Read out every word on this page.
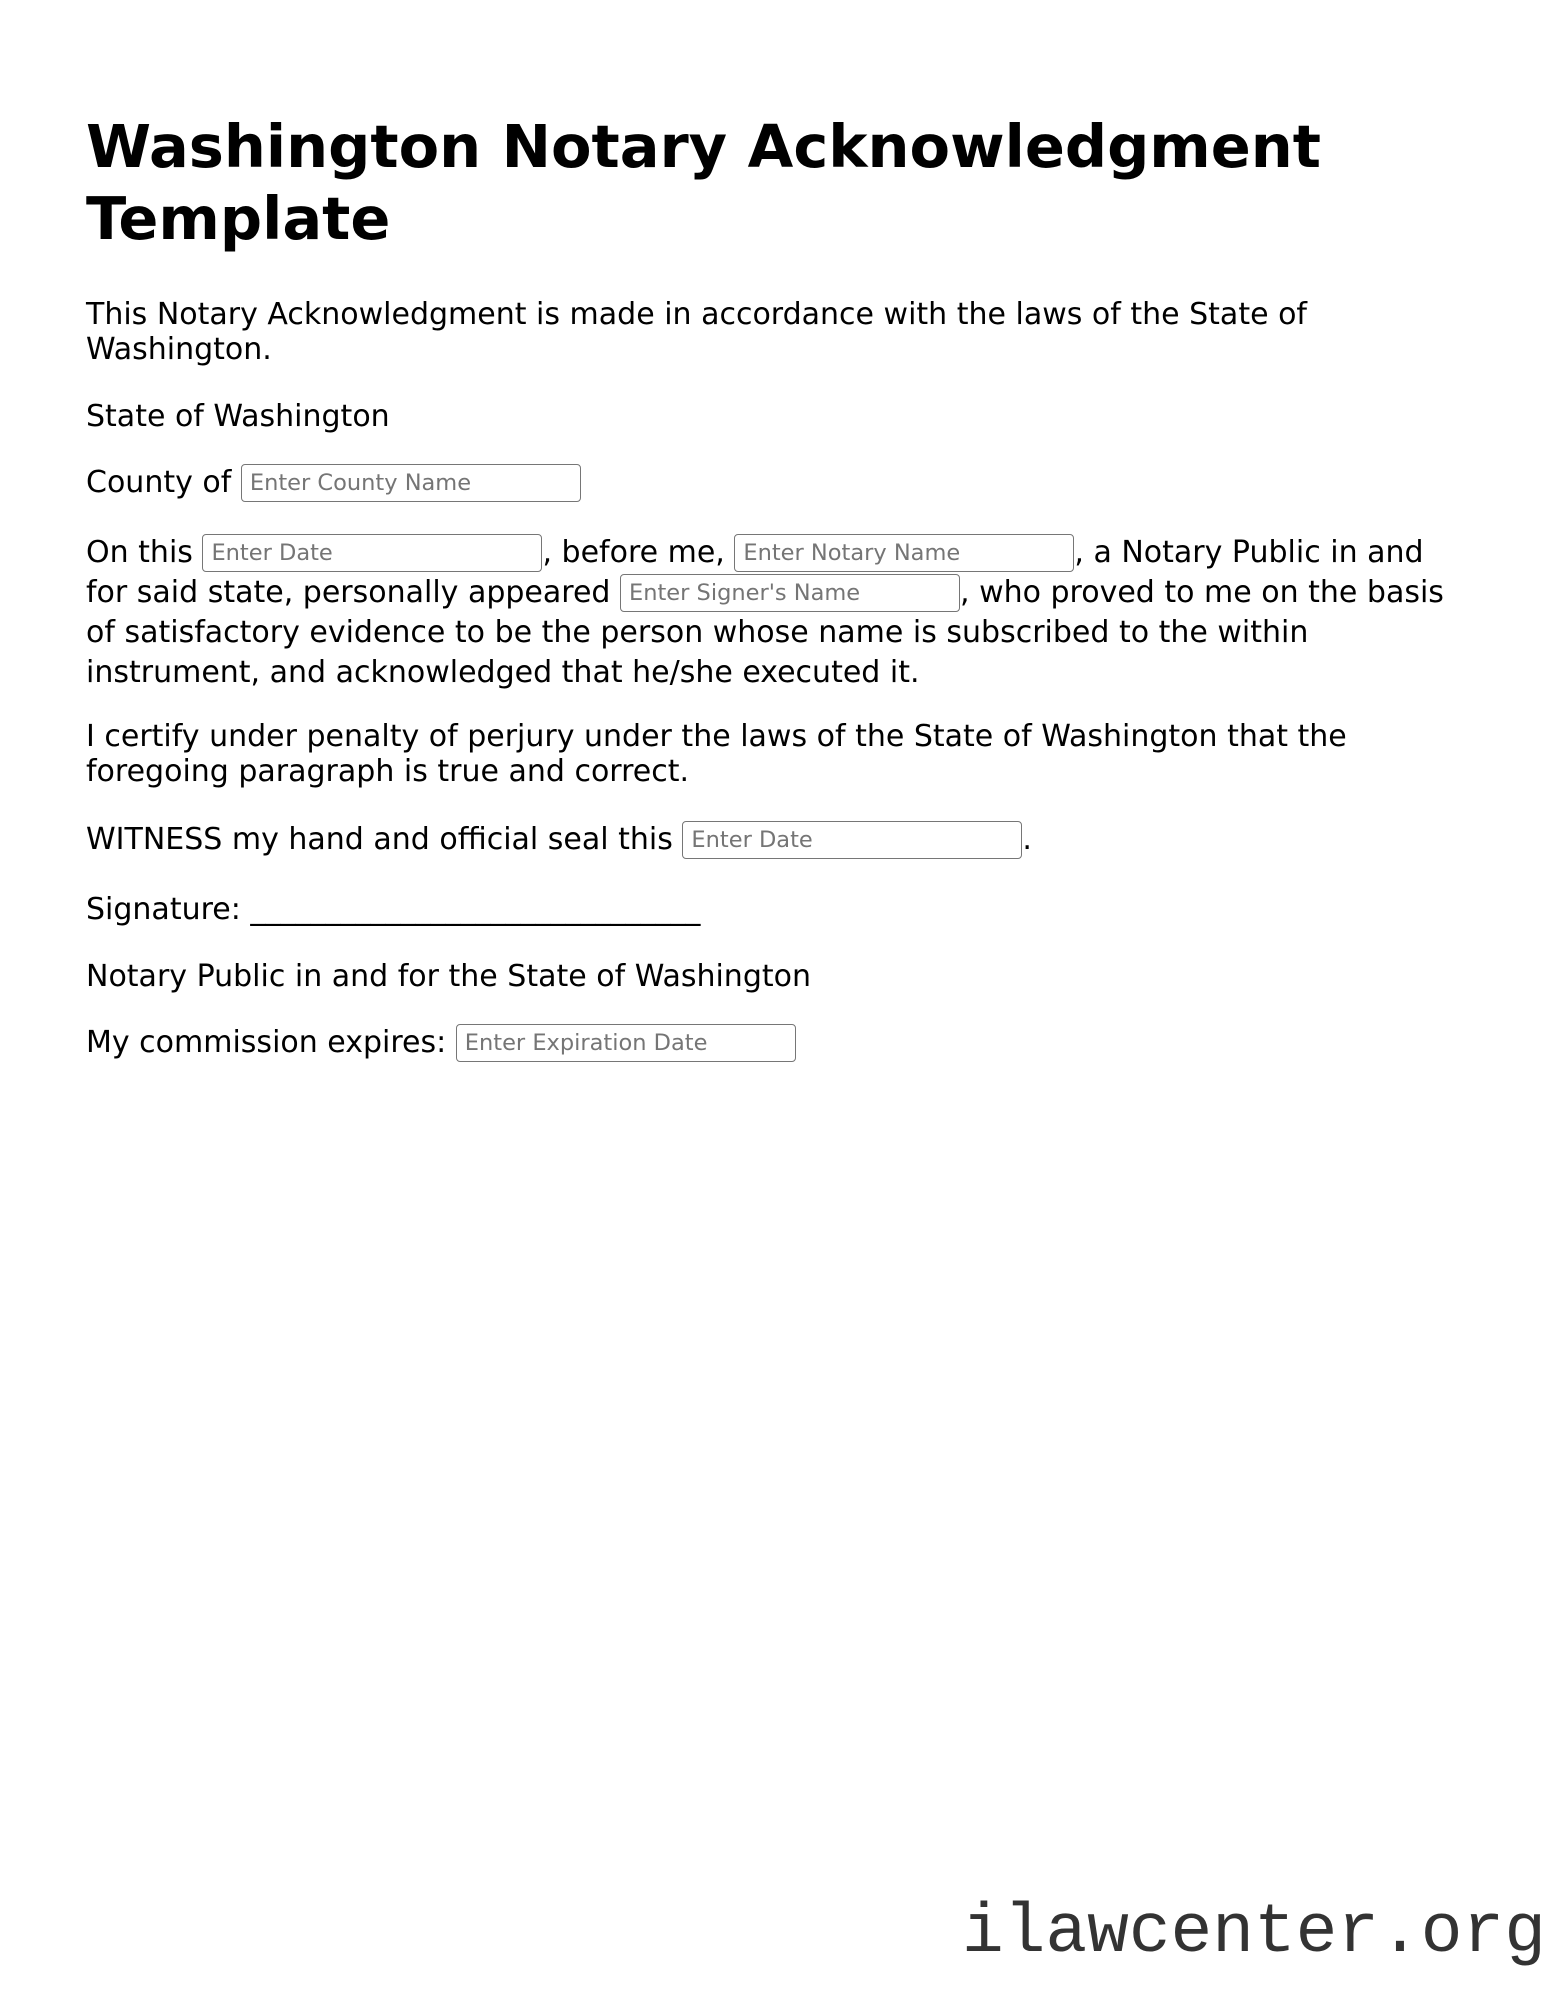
Washington Notary Acknowledgment Template

This Notary Acknowledgment is made in accordance with the laws of the State of Washington.

State of Washington

County of Enter County Name

On this Enter Date	, before me, Enter Notary Name	, a Notary Public in and for said state, personally appeared Enter Signer's Name	, who proved to me on the basis of satisfactory evidence to be the person whose name is subscribed to the within instrument, and acknowledged that he/she executed it.

I certify under penalty of perjury under the laws of the State of Washington that the foregoing paragraph is true and correct.

WITNESS my hand and official seal this Enter Date	.

Signature: ______________________________

Notary Public in and for the State of Washington

My commission expires: Enter Expiration Date

ilawcenter.org
